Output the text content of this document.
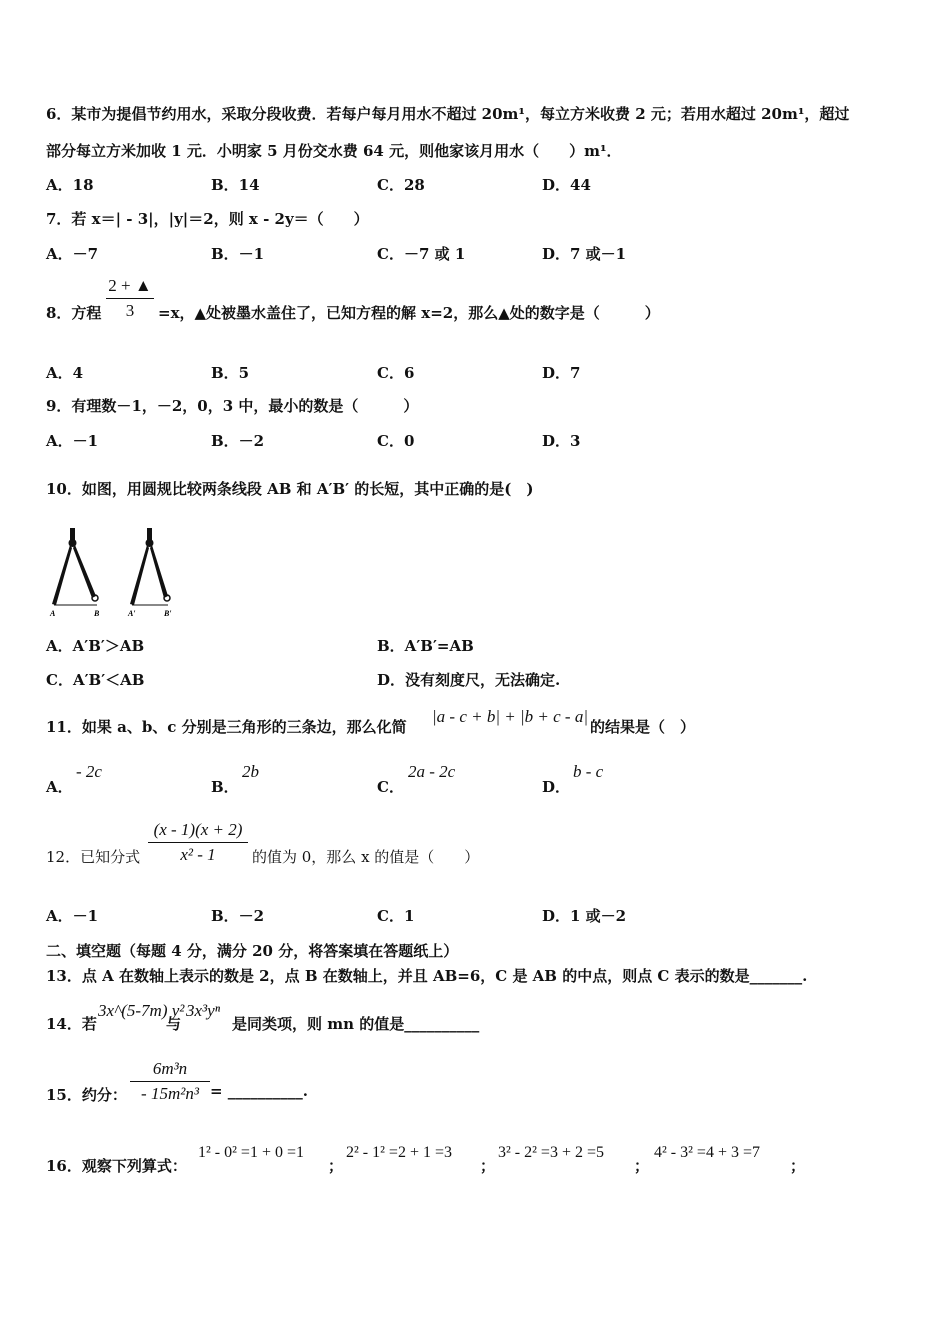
6．某市为提倡节约用水，采取分段收费．若每户每月用水不超过 20m¹，每立方米收费 2 元；若用水超过 20m¹，超过
部分每立方米加收 1 元．小明家 5 月份交水费 64 元，则他家该月用水（　　）m¹．
A．18	B．14	C．28	D．44
7．若 x＝| - 3|，|y|＝2，则 x - 2y＝（　　）
A．－7	B．－1	C．－7 或 1	D．7 或－1
8．方程
2 + ▲
3 =x，▲处被墨水盖住了，已知方程的解 x=2，那么▲处的数字是（　　　）
A．4	B．5	C．6	D．7
9．有理数－1，－2，0，3 中，最小的数是（　　　）
A．－1	B．－2	C．0	D．3
10．如图，用圆规比较两条线段 AB 和 A′B′ 的长短，其中正确的是(　)
A	B	A′	B′
A．A′B′＞AB	B．A′B′=AB
C．A′B′＜AB	D．没有刻度尺，无法确定.
11．如果 a、b、c 分别是三角形的三条边，那么化简
|a - c + b| + |b + c - a|
的结果是（　）
A．
- 2c
B．
2b
C．
2a - 2c
D．
b - c
12．已知分式
(x - 1)(x + 2)
x² - 1 的值为 0，那么 x 的值是（　　）
A．－1	B．－2	C．1	D．1 或－2
二、填空题（每题 4 分，满分 20 分，将答案填在答题纸上）
13．点 A 在数轴上表示的数是 2，点 B 在数轴上，并且 AB=6，C 是 AB 的中点，则点 C 表示的数是_______.
14．若
3x^(5-7m) y²
与
3x³yⁿ
是同类项，则 mn 的值是__________
15．约分：
6m³n
- 15m²n³ = __________.
16．观察下列算式：
1² - 0² =1 + 0 =1
；
2² - 1² =2 + 1 =3
；
3² - 2² =3 + 2 =5
；
4² - 3² =4 + 3 =7
；
